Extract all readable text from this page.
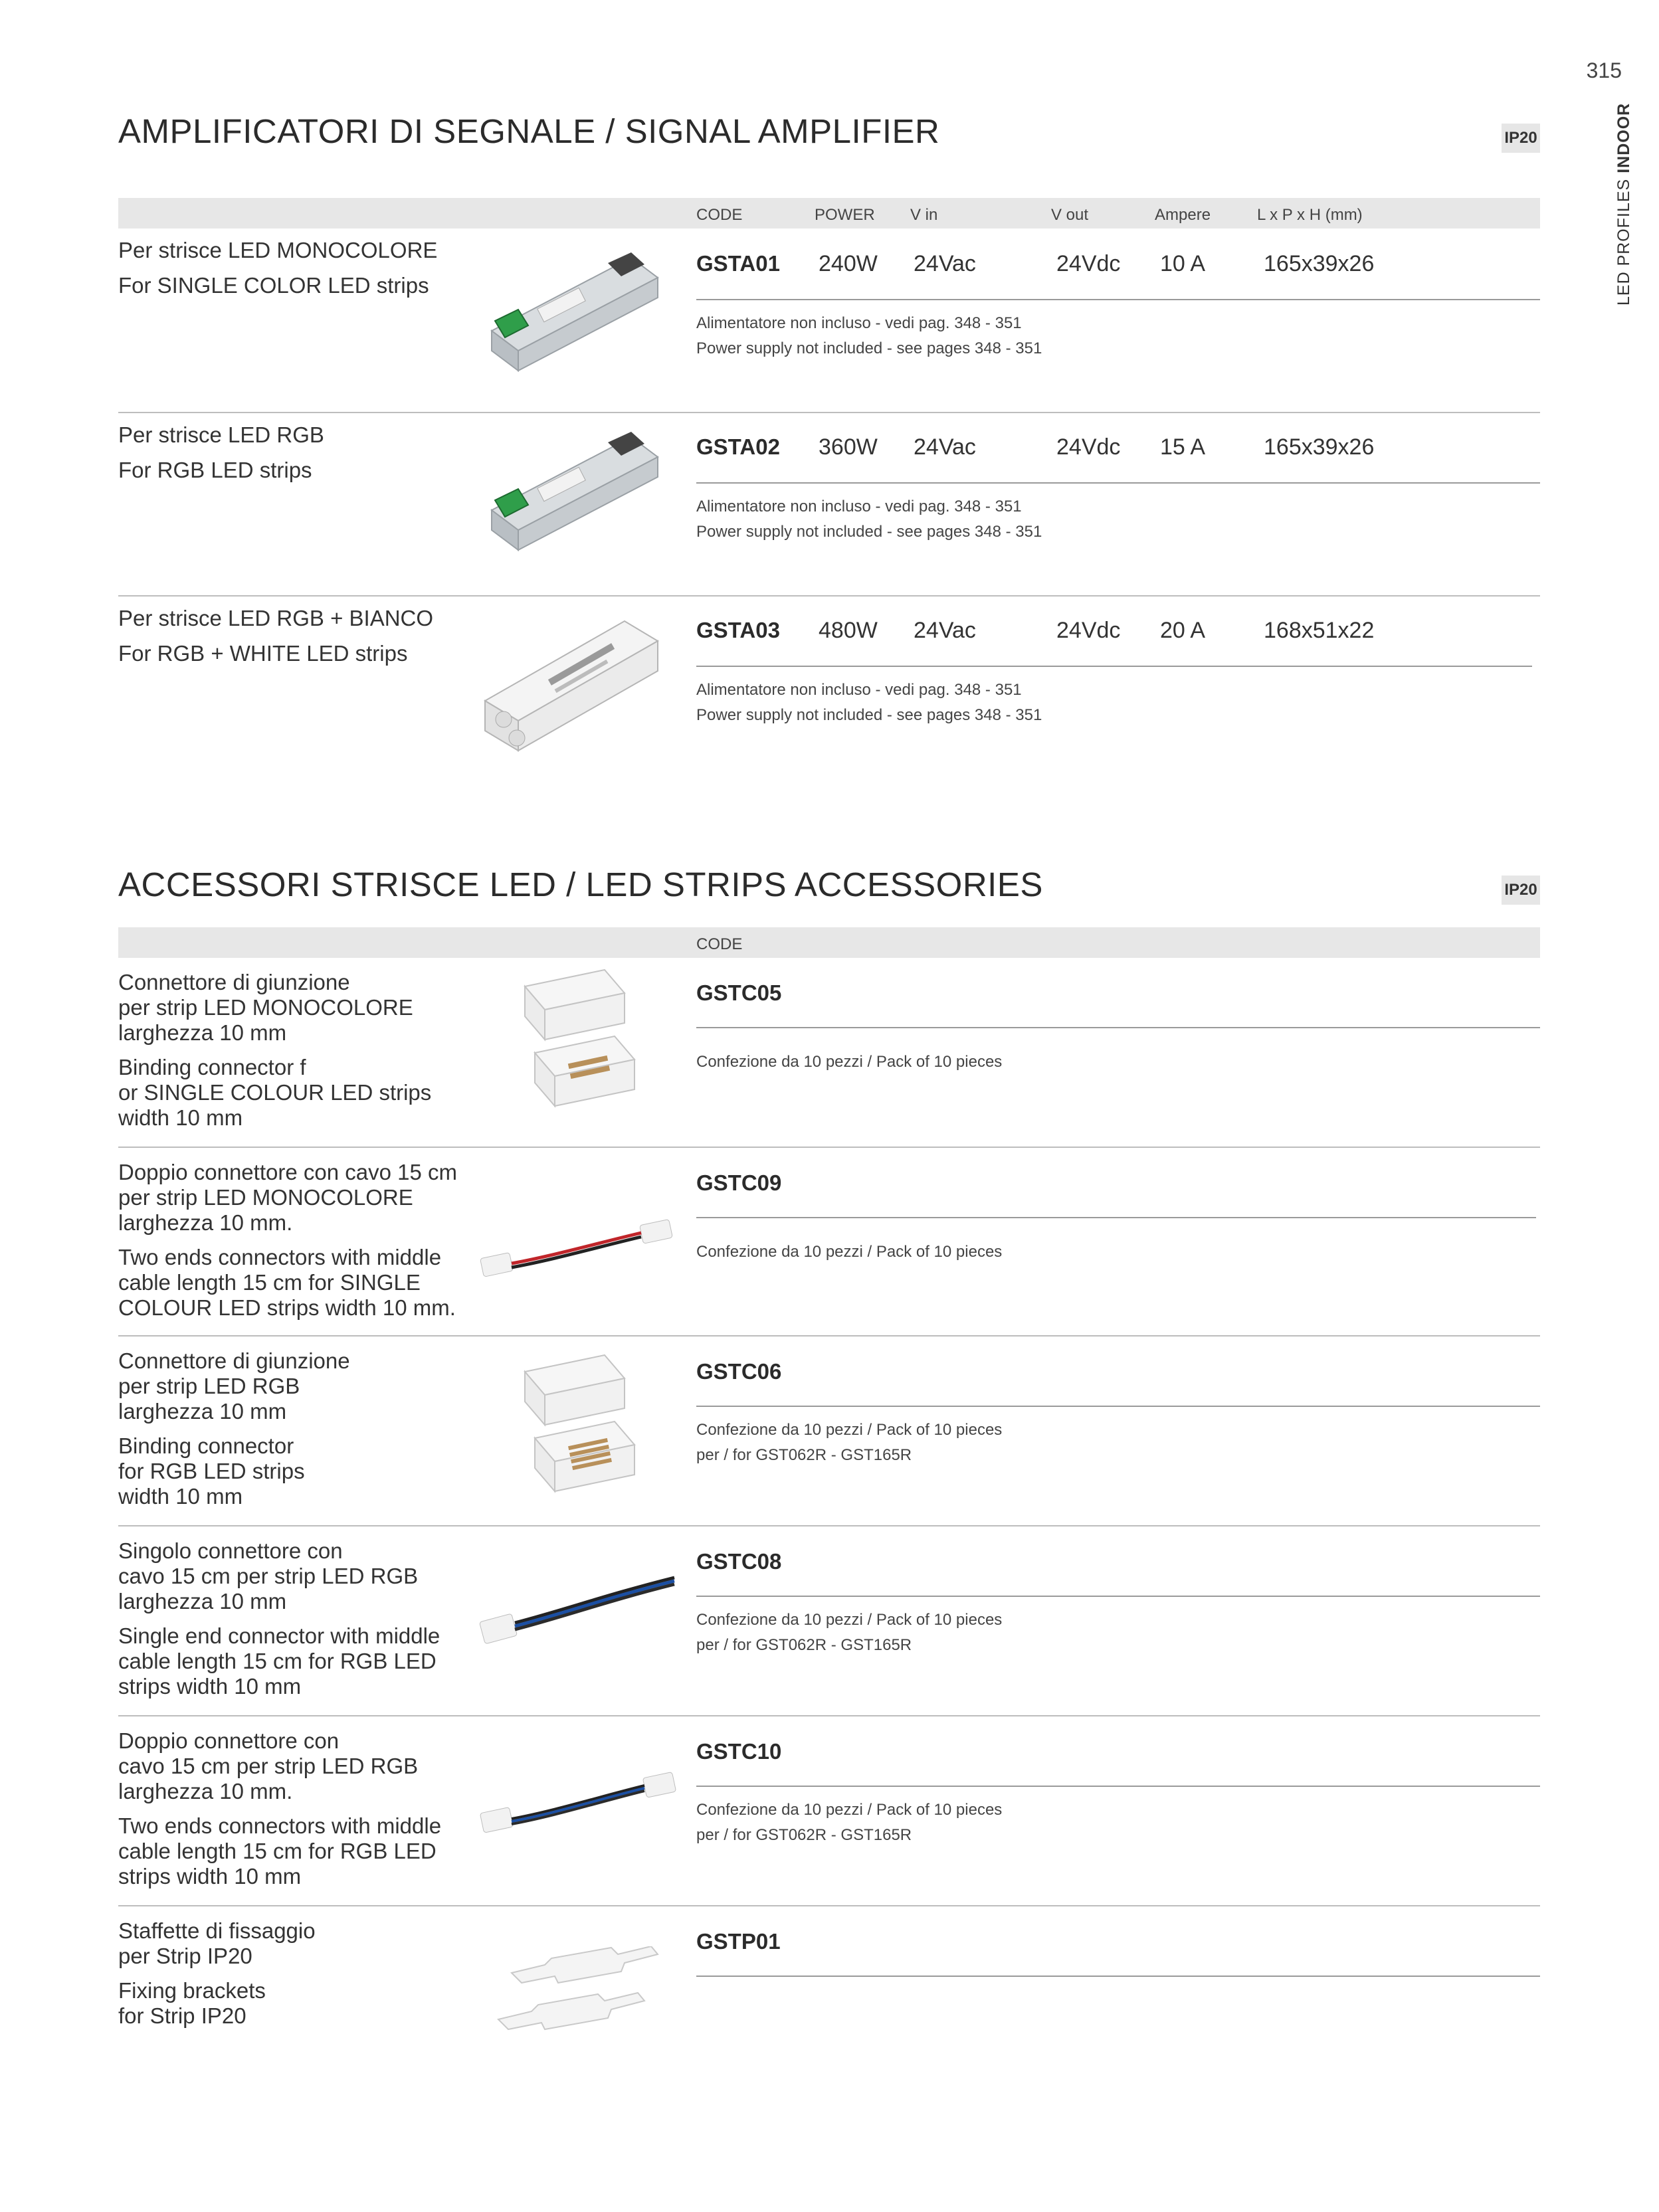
315
LED PROFILESINDOOR
AMPLIFICATORI DI SEGNALE / SIGNAL AMPLIFIER	IP20
CODE	POWER V in	V out	Ampere	L x P x H (mm)

Per strisce LED MONOCOLORE

For SINGLE COLOR LED strips

GSTA01 240W 24Vac	24Vdc 10 A	165x39x26

Alimentatore non incluso - vedi pag. 348 - 351

Power supply not included - see pages 348 - 351

Per strisce LED RGB

For RGB LED strips

GSTA02 360W 24Vac	24Vdc 15 A	165x39x26

Alimentatore non incluso - vedi pag. 348 - 351

Power supply not included - see pages 348 - 351

Per strisce LED RGB + BIANCO

For RGB + WHITE LED strips

GSTA03 480W 24Vac	24Vdc 20 A	168x51x22

Alimentatore non incluso - vedi pag. 348 - 351

Power supply not included - see pages 348 - 351

ACCESSORI STRISCE LED / LED STRIPS ACCESSORIES	IP20
CODE

Connettore di giunzione
per strip LED MONOCOLORE
larghezza 10 mm

Binding connector f
or SINGLE COLOUR LED strips
width 10 mm

GSTC05

Confezione da 10 pezzi / Pack of 10 pieces

Doppio connettore con cavo 15 cm
per strip LED MONOCOLORE
larghezza 10 mm.

Two ends connectors with middle
cable length 15 cm for SINGLE
COLOUR LED strips width 10 mm.

GSTC09

Confezione da 10 pezzi / Pack of 10 pieces

Connettore di giunzione
per strip LED RGB
larghezza 10 mm

Binding connector
for RGB LED strips
width 10 mm

GSTC06

Confezione da 10 pezzi / Pack of 10 pieces

per / for GST062R - GST165R

Singolo connettore con
cavo 15 cm per strip LED RGB
larghezza 10 mm

Single end connector with middle
cable length 15 cm for RGB LED
strips width 10 mm

GSTC08

Confezione da 10 pezzi / Pack of 10 pieces

per / for GST062R - GST165R

Doppio connettore con
cavo 15 cm per strip LED RGB
larghezza 10 mm.

Two ends connectors with middle
cable length 15 cm for RGB LED
strips width 10 mm

GSTC10

Confezione da 10 pezzi / Pack of 10 pieces

per / for GST062R - GST165R

Staffette di fissaggio
per Strip IP20

Fixing brackets
for Strip IP20

GSTP01
